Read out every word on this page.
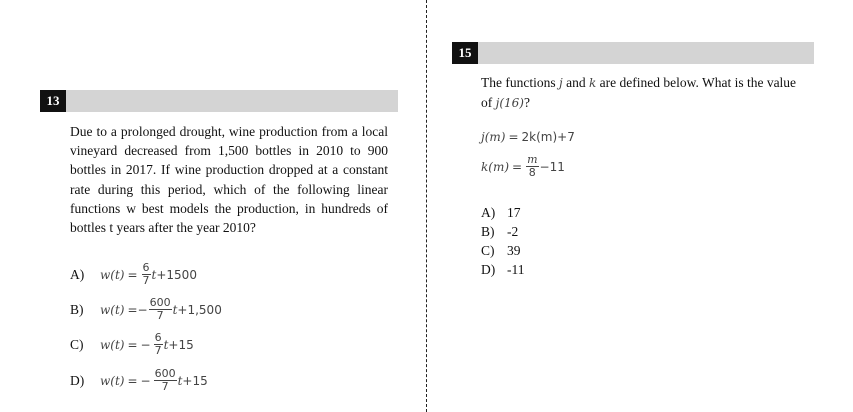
13
Due to a prolonged drought, wine production from a local vineyard decreased from 1,500 bottles in 2010 to 900 bottles in 2017. If wine production dropped at a constant rate during this period, which of the following linear functions w best models the production, in hundreds of bottles t years after the year 2010?
A)	$w(t) = \frac{6}{7}$ t +1500
B)	w(t) = − $\frac{600}{7}$ t +1,500
C)	w(t) = − $\frac{6}{7}$ t +15
D)	w(t) = − $\frac{600}{7}$ t +15
15
The functions j and k are defined below. What is the value of j(16)?
j(m) = 2k(m)+7
$k(m) = \frac{m}{8} -11$
A) 17
B) -2
C) 39
D) -11
